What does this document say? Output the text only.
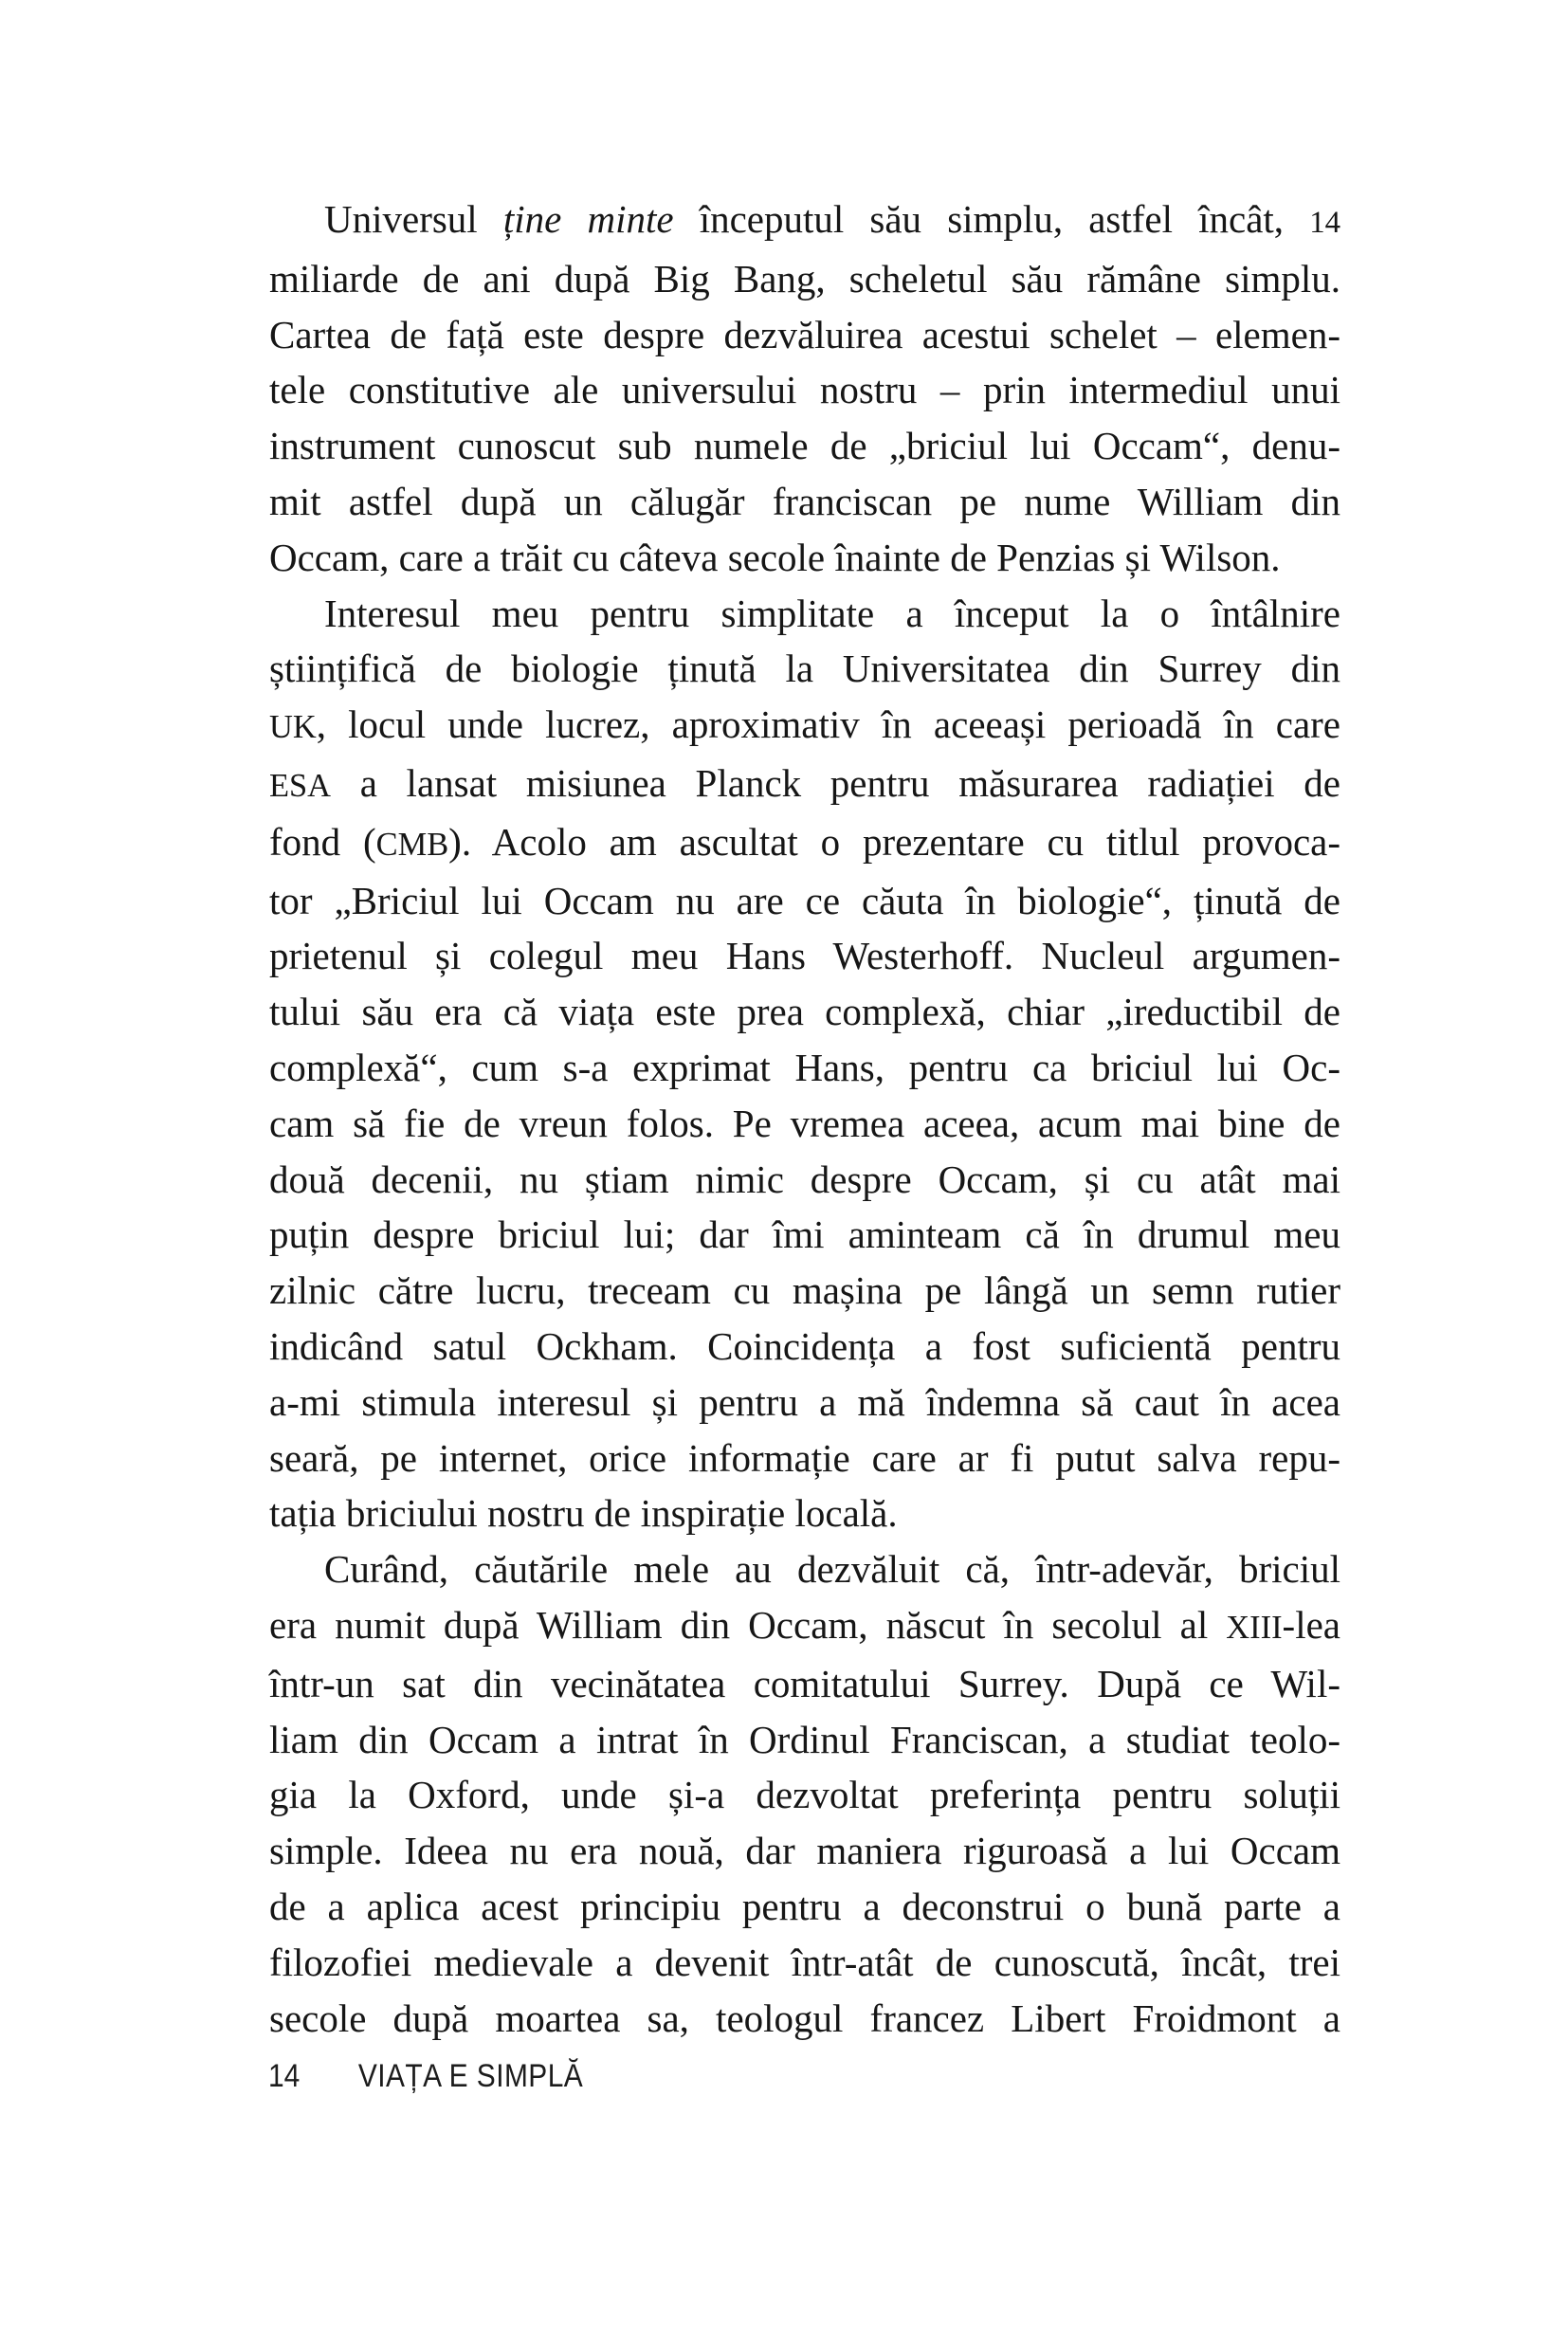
Universul ține minte începutul său simplu, astfel încât, 14
miliarde de ani după Big Bang, scheletul său rămâne simplu.
Cartea de față este despre dezvăluirea acestui schelet – elemen-
tele constitutive ale universului nostru – prin intermediul unui
instrument cunoscut sub numele de „briciul lui Occam“, denu-
mit astfel după un călugăr franciscan pe nume William din
Occam, care a trăit cu câteva secole înainte de Penzias și Wilson.
Interesul meu pentru simplitate a început la o întâlnire
științifică de biologie ținută la Universitatea din Surrey din
UK, locul unde lucrez, aproximativ în aceeași perioadă în care
ESA a lansat misiunea Planck pentru măsurarea radiației de
fond (CMB). Acolo am ascultat o prezentare cu titlul provoca-
tor „Briciul lui Occam nu are ce căuta în biologie“, ținută de
prietenul și colegul meu Hans Westerhoff. Nucleul argumen-
tului său era că viața este prea complexă, chiar „ireductibil de
complexă“, cum s-a exprimat Hans, pentru ca briciul lui Oc-
cam să fie de vreun folos. Pe vremea aceea, acum mai bine de
două decenii, nu știam nimic despre Occam, și cu atât mai
puțin despre briciul lui; dar îmi aminteam că în drumul meu
zilnic către lucru, treceam cu mașina pe lângă un semn rutier
indicând satul Ockham. Coincidența a fost suficientă pentru
a-mi stimula interesul și pentru a mă îndemna să caut în acea
seară, pe internet, orice informație care ar fi putut salva repu-
tația briciului nostru de inspirație locală.
Curând, căutările mele au dezvăluit că, într-adevăr, briciul
era numit după William din Occam, născut în secolul al XIII-lea
într-un sat din vecinătatea comitatului Surrey. După ce Wil-
liam din Occam a intrat în Ordinul Franciscan, a studiat teolo-
gia la Oxford, unde și-a dezvoltat preferința pentru soluții
simple. Ideea nu era nouă, dar maniera riguroasă a lui Occam
de a aplica acest principiu pentru a deconstrui o bună parte a
filozofiei medievale a devenit într-atât de cunoscută, încât, trei
secole după moartea sa, teologul francez Libert Froidmont a
14 VIAȚA E SIMPLĂ
